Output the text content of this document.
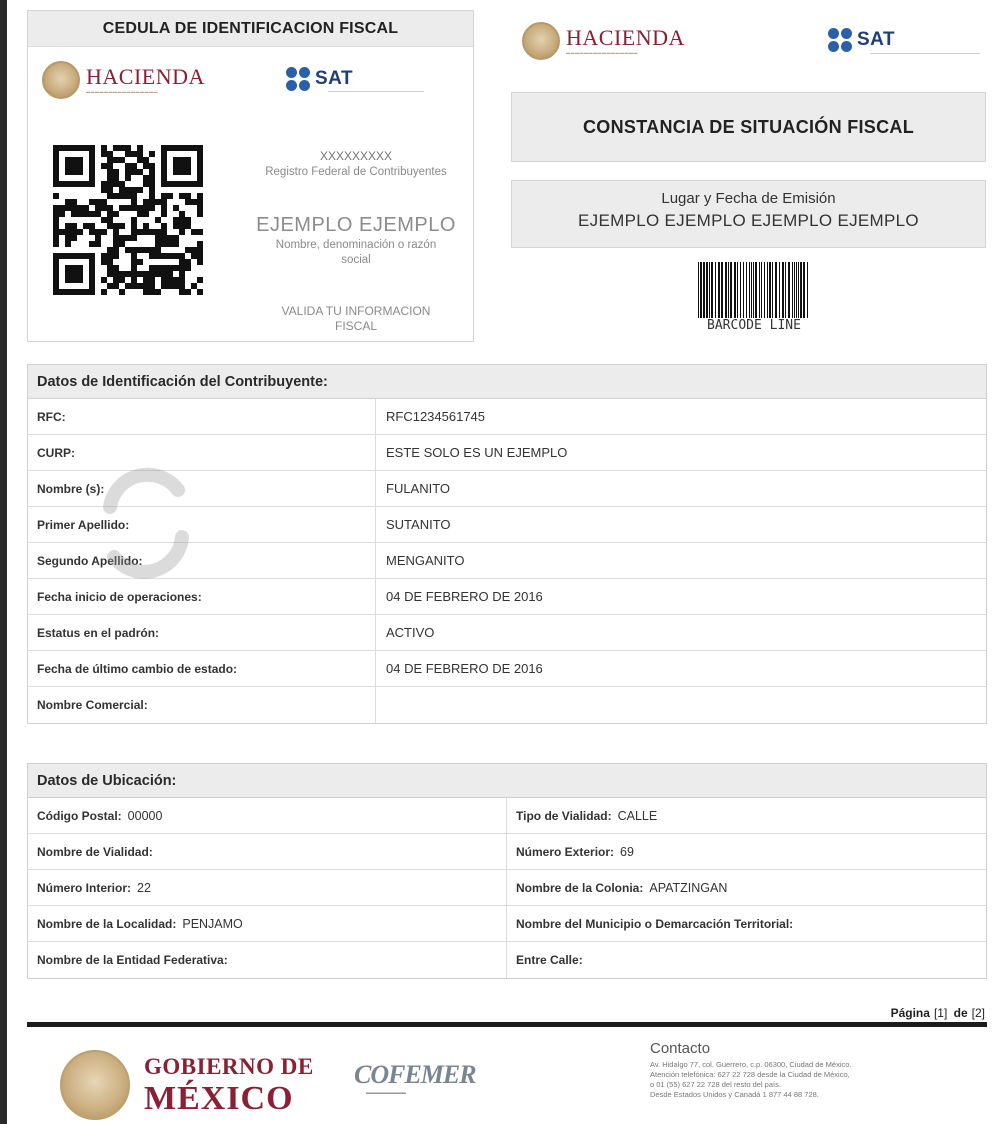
CEDULA DE IDENTIFICACION FISCAL
HACIENDA
▬▬▬▬▬▬▬▬▬▬▬▬▬▬▬▬
SAT
XXXXXXXXX
Registro Federal de Contribuyentes
EJEMPLO EJEMPLO
Nombre, denominación o razón
social
VALIDA TU INFORMACION
FISCAL
HACIENDA
▬▬▬▬▬▬▬▬▬▬▬▬▬▬▬▬
SAT
CONSTANCIA DE SITUACIÓN FISCAL
Lugar y Fecha de Emisión
EJEMPLO EJEMPLO EJEMPLO EJEMPLO
BARCODE LINE
Datos de Identificación del Contribuyente:
RFC:	RFC1234561745
CURP:	ESTE SOLO ES UN EJEMPLO
Nombre (s):	FULANITO
Primer Apellido:	SUTANITO
Segundo Apellido:	MENGANITO
Fecha inicio de operaciones:	04 DE FEBRERO DE 2016
Estatus en el padrón:	ACTIVO
Fecha de último cambio de estado:	04 DE FEBRERO DE 2016
Nombre Comercial:
Datos de Ubicación:
Código Postal: 00000	Tipo de Vialidad: CALLE
Nombre de Vialidad:	Número Exterior: 69
Número Interior: 22	Nombre de la Colonia: APATZINGAN
Nombre de la Localidad: PENJAMO	Nombre del Municipio o Demarcación Territorial:
Nombre de la Entidad Federativa:	Entre Calle:
Página [1] de [2]
GOBIERNO DE
MÉXICO
COFEMER
▬▬▬▬▬▬▬▬
Contacto
Av. Hidalgo 77, col. Guerrero, c.p. 06300, Ciudad de México.
Atención telefónica: 627 22 728 desde la Ciudad de México,
o 01 (55) 627 22 728 del resto del país.
Desde Estados Unidos y Canadá 1 877 44 88 728.
